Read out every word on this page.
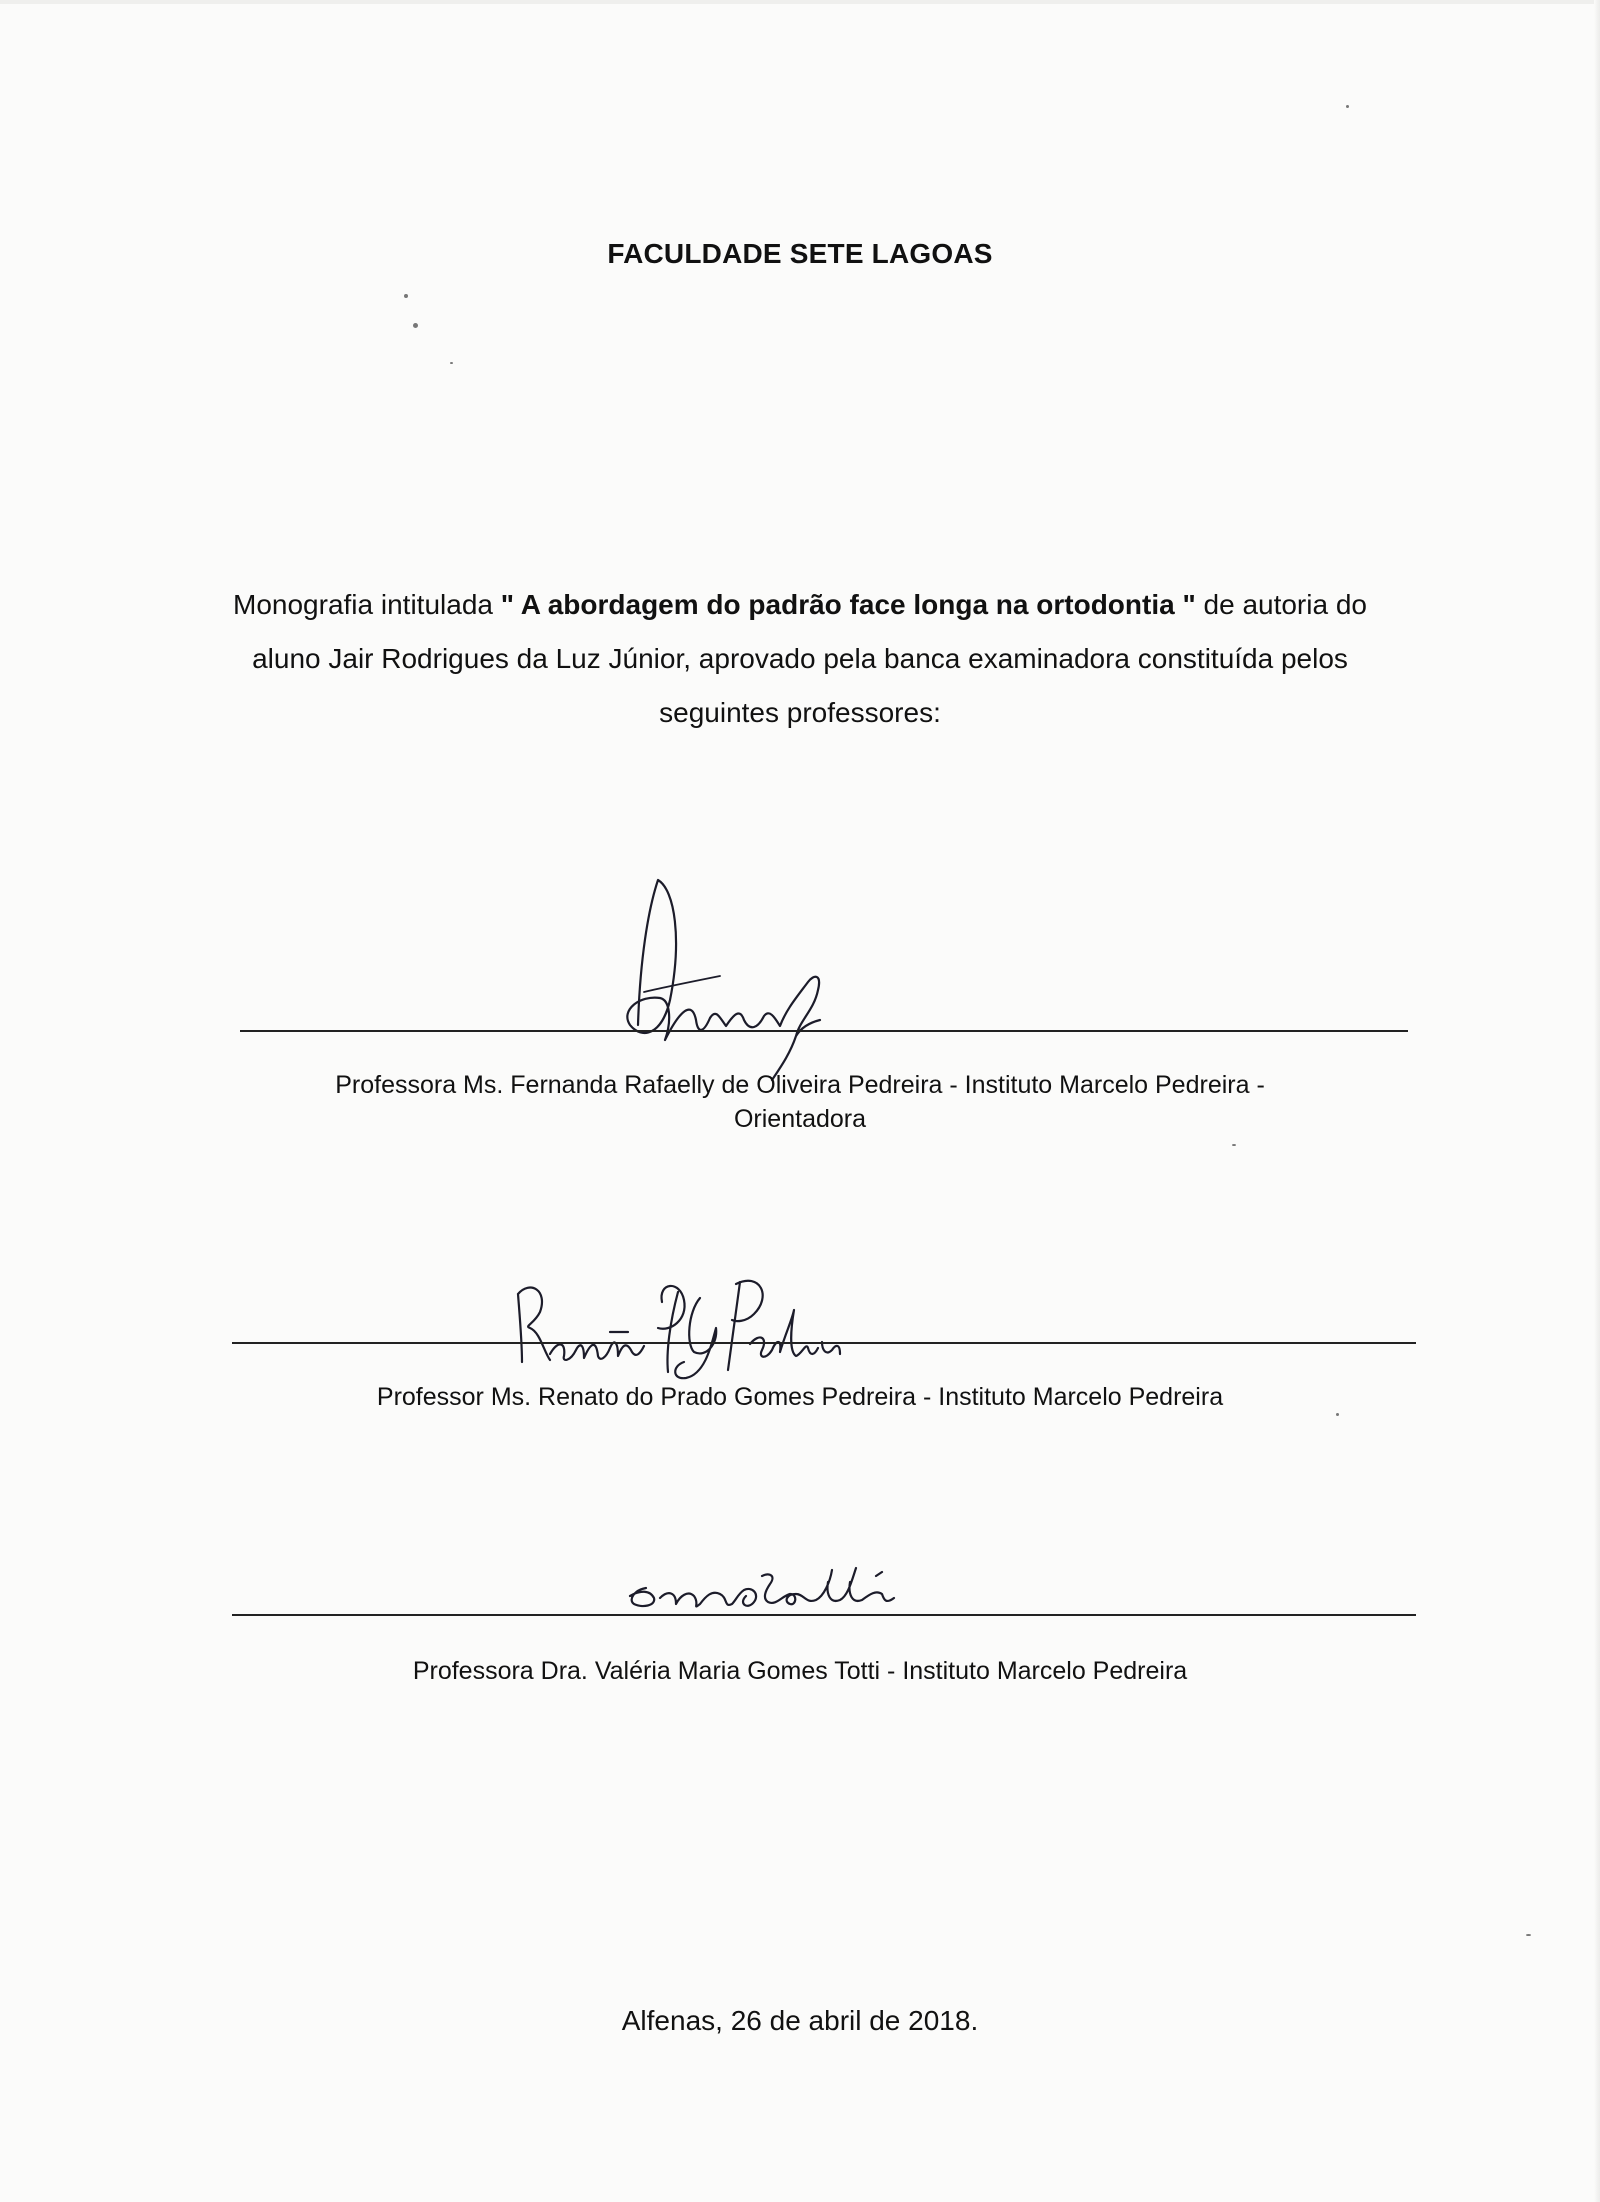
FACULDADE SETE LAGOAS
Monografia intitulada " A abordagem do padrão face longa na ortodontia " de autoria do aluno Jair Rodrigues da Luz Júnior, aprovado pela banca examinadora constituída pelos seguintes professores:
Professora Ms. Fernanda Rafaelly de Oliveira Pedreira - Instituto Marcelo Pedreira -
Orientadora
Professor Ms. Renato do Prado Gomes Pedreira - Instituto Marcelo Pedreira
Professora Dra. Valéria Maria Gomes Totti - Instituto Marcelo Pedreira
Alfenas, 26 de abril de 2018.
